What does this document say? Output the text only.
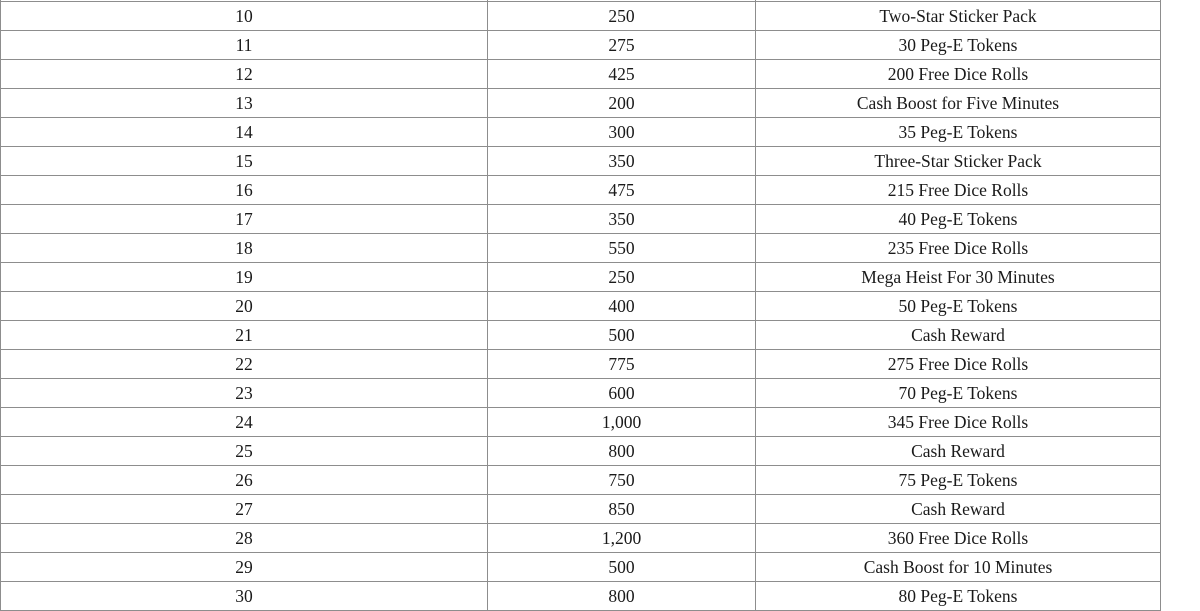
10	250	Two-Star Sticker Pack
11	275	30 Peg-E Tokens
12	425	200 Free Dice Rolls
13	200	Cash Boost for Five Minutes
14	300	35 Peg-E Tokens
15	350	Three-Star Sticker Pack
16	475	215 Free Dice Rolls
17	350	40 Peg-E Tokens
18	550	235 Free Dice Rolls
19	250	Mega Heist For 30 Minutes
20	400	50 Peg-E Tokens
21	500	Cash Reward
22	775	275 Free Dice Rolls
23	600	70 Peg-E Tokens
24	1,000	345 Free Dice Rolls
25	800	Cash Reward
26	750	75 Peg-E Tokens
27	850	Cash Reward
28	1,200	360 Free Dice Rolls
29	500	Cash Boost for 10 Minutes
30	800	80 Peg-E Tokens
